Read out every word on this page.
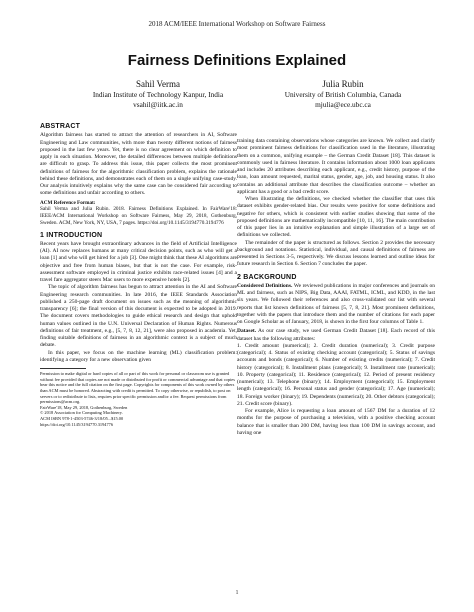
2018 ACM/IEEE International Workshop on Software Fairness
Fairness Definitions Explained
Sahil Verma
Indian Institute of Technology Kanpur, India
vsahil@iitk.ac.in
Julia Rubin
University of British Columbia, Canada
mjulia@ece.ubc.ca
ABSTRACT

Algorithm fairness has started to attract the attention of researchers in AI, Software Engineering and Law communities, with more than twenty different notions of fairness proposed in the last few years. Yet, there is no clear agreement on which definition to apply in each situation. Moreover, the detailed differences between multiple definitions are difficult to grasp. To address this issue, this paper collects the most prominent definitions of fairness for the algorithmic classification problem, explains the rationale behind these definitions, and demonstrates each of them on a single unifying case-study. Our analysis intuitively explains why the same case can be considered fair according to some definitions and unfair according to others.

ACM Reference Format:
Sahil Verma and Julia Rubin. 2018. Fairness Definitions Explained. In FairWare'18: IEEE/ACM International Workshop on Software Fairness, May 29, 2018, Gothenburg, Sweden. ACM, New York, NY, USA, 7 pages. https://doi.org/10.1145/3194770.3194776
1 INTRODUCTION

Recent years have brought extraordinary advances in the field of Artificial Intelligence (AI). AI now replaces humans at many critical decision points, such as who will get a loan [1] and who will get hired for a job [3]. One might think that these AI algorithms are objective and free from human biases, but that is not the case. For example, risk-assessment software employed in criminal justice exhibits race-related issues [4] and a travel fare aggregator steers Mac users to more expensive hotels [2].

The topic of algorithm fairness has begun to attract attention in the AI and Software Engineering research communities. In late 2016, the IEEE Standards Association published a 250-page draft document on issues such as the meaning of algorithmic transparency [6]; the final version of this document is expected to be adopted in 2019. The document covers methodologies to guide ethical research and design that uphold human values outlined in the U.N. Universal Declaration of Human Rights. Numerous definitions of fair treatment, e.g., [5, 7, 8, 12, 21], were also proposed in academia. Yet, finding suitable definitions of fairness in an algorithmic context is a subject of much debate.

In this paper, we focus on the machine learning (ML) classification problem: identifying a category for a new observation given

Permission to make digital or hard copies of all or part of this work for personal or classroom use is granted without fee provided that copies are not made or distributed for profit or commercial advantage and that copies bear this notice and the full citation on the first page. Copyrights for components of this work owned by others than ACM must be honored. Abstracting with credit is permitted. To copy otherwise, or republish, to post on servers or to redistribute to lists, requires prior specific permission and/or a fee. Request permissions from permissions@acm.org.
FairWare'18, May 29, 2018, Gothenburg, Sweden
© 2018 Association for Computing Machinery.
ACM ISBN 978-1-4503-5746-3/18/05...$15.00
https://doi.org/10.1145/3194770.3194776

training data containing observations whose categories are known. We collect and clarify most prominent fairness definitions for classification used in the literature, illustrating them on a common, unifying example – the German Credit Dataset [18]. This dataset is commonly used in fairness literature. It contains information about 1000 loan applicants and includes 20 attributes describing each applicant, e.g., credit history, purpose of the loan, loan amount requested, marital status, gender, age, job, and housing status. It also contains an additional attribute that describes the classification outcome – whether an applicant has a good or a bad credit score.

When illustrating the definitions, we checked whether the classifier that uses this dataset exhibits gender-related bias. Our results were positive for some definitions and negative for others, which is consistent with earlier studies showing that some of the proposed definitions are mathematically incompatible [10, 11, 16]. The main contribution of this paper lies in an intuitive explanation and simple illustration of a large set of definitions we collected.

The remainder of the paper is structured as follows. Section 2 provides the necessary background and notations. Statistical, individual, and causal definitions of fairness are presented in Sections 3-5, respectively. We discuss lessons learned and outline ideas for future research in Section 6. Section 7 concludes the paper.

2 BACKGROUND

Considered Definitions. We reviewed publications in major conferences and journals on ML and fairness, such as NIPS, Big Data, AAAI, FATML, ICML, and KDD, in the last six years. We followed their references and also cross-validated our list with several reports that list known definitions of fairness [5, 7, 8, 21]. Most prominent definitions, together with the papers that introduce them and the number of citations for each paper on Google Scholar as of January, 2018, is shown in the first four columns of Table 1.

Dataset. As our case study, we used German Credit Dataset [18]. Each record of this dataset has the following attributes:
1. Credit amount (numerical); 2. Credit duration (numerical); 3. Credit purpose (categorical); 4. Status of existing checking account (categorical); 5. Status of savings accounts and bonds (categorical); 6. Number of existing credits (numerical); 7. Credit history (categorical); 8. Installment plans (categorical); 9. Installment rate (numerical); 10. Property (categorical); 11. Residence (categorical); 12. Period of present residency (numerical); 13. Telephone (binary); 14. Employment (categorical); 15. Employment length (categorical); 16. Personal status and gender (categorical); 17. Age (numerical); 18. Foreign worker (binary); 19. Dependents (numerical); 20. Other debtors (categorical); 21. Credit score (binary).

For example, Alice is requesting a loan amount of 1567 DM for a duration of 12 months for the purpose of purchasing a television, with a positive checking account balance that is smaller than 200 DM, having less than 100 DM in savings account, and having one

1
